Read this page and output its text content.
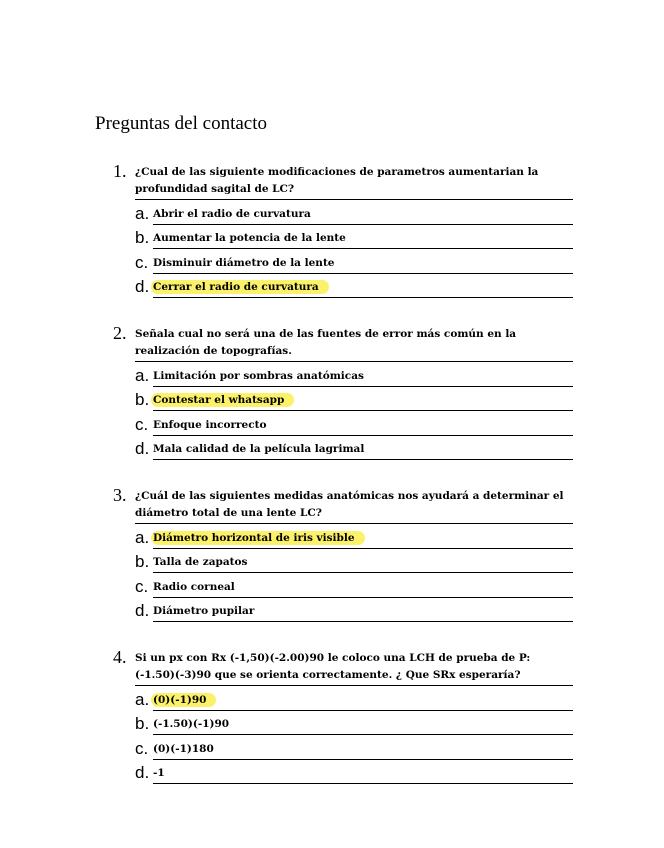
Preguntas del contacto
1. ¿Cual de las siguiente modificaciones de parametros aumentarian la profundidad sagital de LC?
a. Abrir el radio de curvatura
b. Aumentar la potencia de la lente
c. Disminuir diámetro de la lente
d. Cerrar el radio de curvatura
2. Señala cual no será una de las fuentes de error más común en la realización de topografías.
a. Limitación por sombras anatómicas
b. Contestar el whatsapp
c. Enfoque incorrecto
d. Mala calidad de la película lagrimal
3. ¿Cuál de las siguientes medidas anatómicas nos ayudará a determinar el diámetro total de una lente LC?
a. Diámetro horizontal de iris visible
b. Talla de zapatos
c. Radio corneal
d. Diámetro pupilar
4. Si un px con Rx (-1,50)(-2.00)90 le coloco una LCH de prueba de P: (-1.50)(-3)90 que se orienta correctamente. ¿ Que SRx esperaría?
a. (0)(-1)90
b. (-1.50)(-1)90
c. (0)(-1)180
d. -1
